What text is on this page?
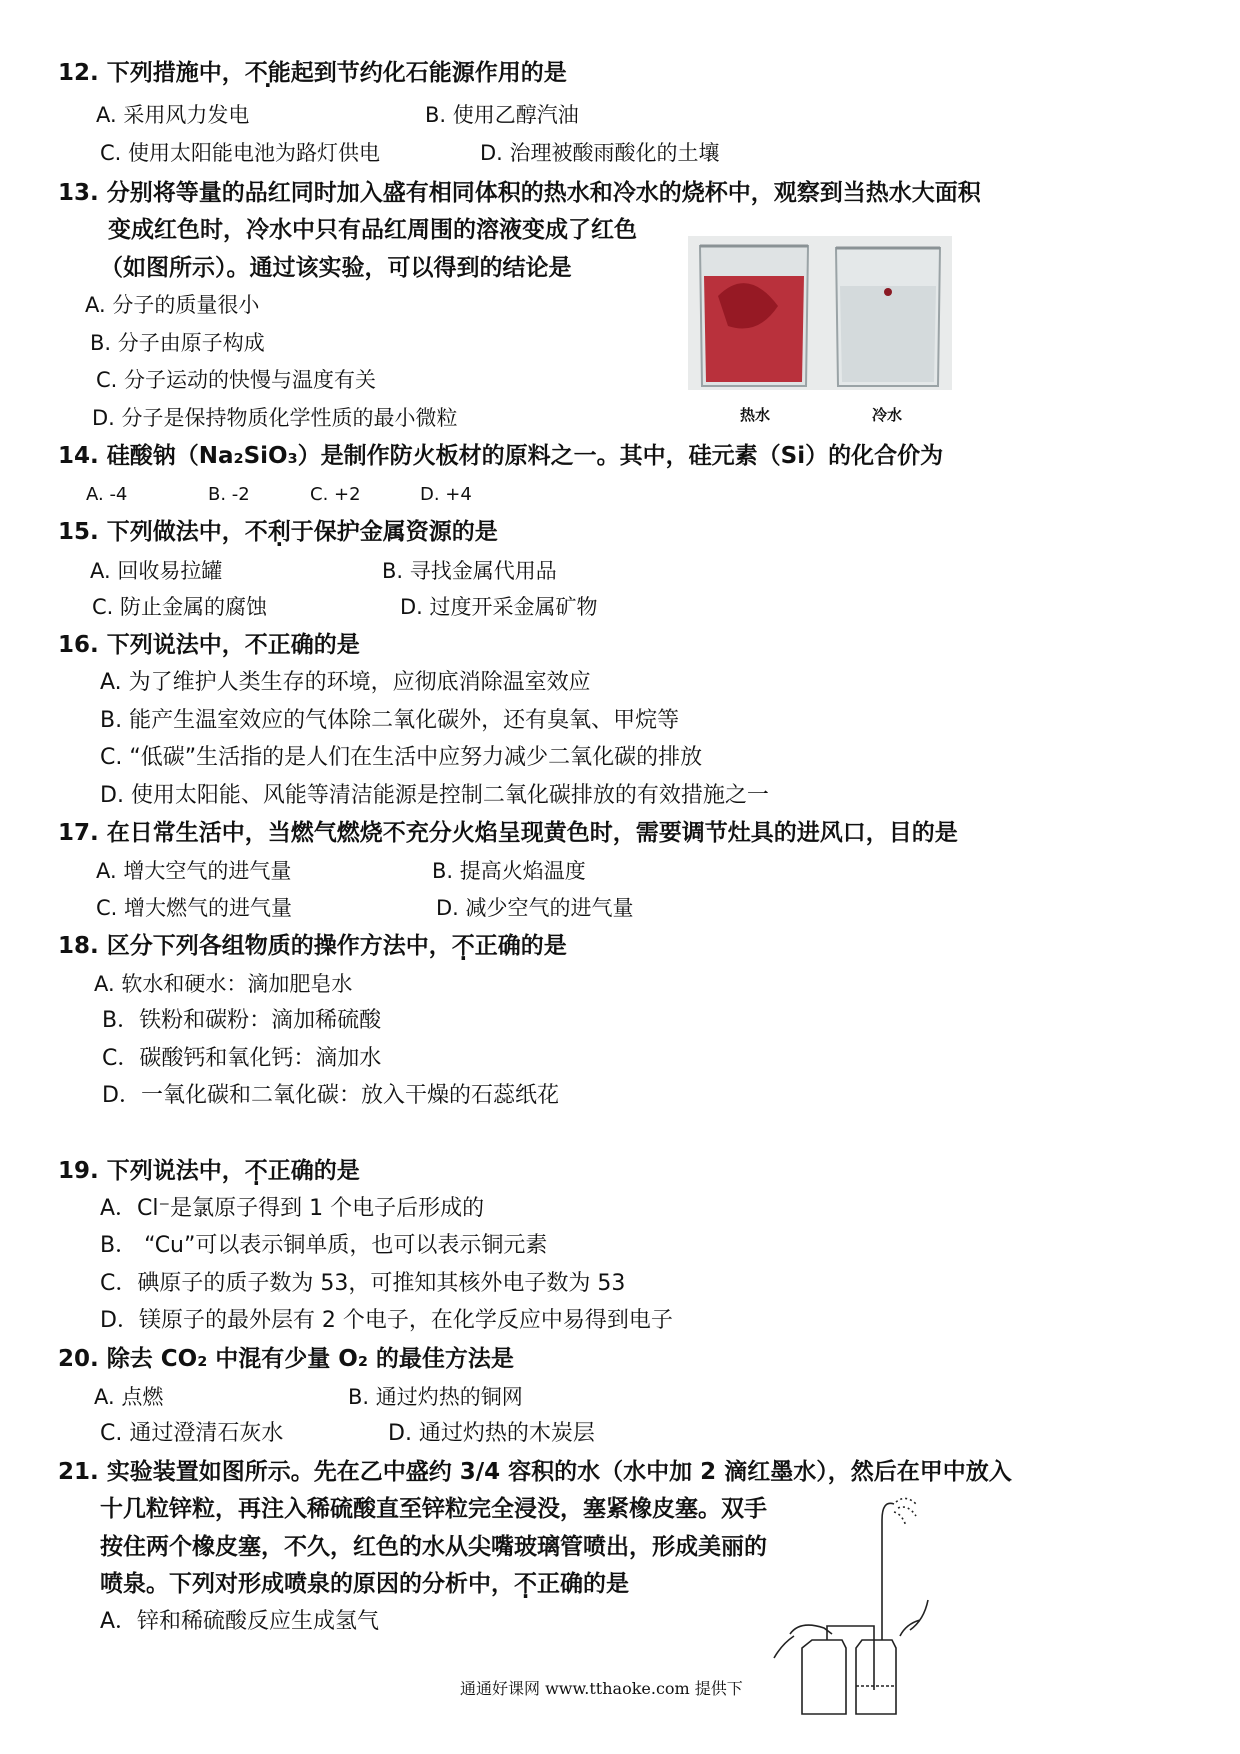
12. 下列措施中，不能起到节约化石能源作用的是
A. 采用风力发电	B. 使用乙醇汽油
C. 使用太阳能电池为路灯供电	D. 治理被酸雨酸化的土壤
13. 分别将等量的品红同时加入盛有相同体积的热水和冷水的烧杯中，观察到当热水大面积
变成红色时，冷水中只有品红周围的溶液变成了红色
（如图所示）。通过该实验，可以得到的结论是
A. 分子的质量很小
B. 分子由原子构成
C. 分子运动的快慢与温度有关
D. 分子是保持物质化学性质的最小微粒	热水	冷水
14. 硅酸钠（Na₂SiO₃）是制作防火板材的原料之一。其中，硅元素（Si）的化合价为
A. -4	B. -2	C. +2	D. +4
15. 下列做法中，不利于保护金属资源的是
A. 回收易拉罐	B. 寻找金属代用品
C. 防止金属的腐蚀	D. 过度开采金属矿物
16. 下列说法中，不正确的是
A. 为了维护人类生存的环境，应彻底消除温室效应
B. 能产生温室效应的气体除二氧化碳外，还有臭氧、甲烷等
C. “低碳”生活指的是人们在生活中应努力减少二氧化碳的排放
D. 使用太阳能、风能等清洁能源是控制二氧化碳排放的有效措施之一
17. 在日常生活中，当燃气燃烧不充分火焰呈现黄色时，需要调节灶具的进风口，目的是
A. 增大空气的进气量	B. 提高火焰温度
C. 增大燃气的进气量	D. 减少空气的进气量
18. 区分下列各组物质的操作方法中，不正确的是
A. 软水和硬水：滴加肥皂水
B．铁粉和碳粉：滴加稀硫酸
C．碳酸钙和氧化钙：滴加水
D．一氧化碳和二氧化碳：放入干燥的石蕊纸花
19. 下列说法中，不正确的是
A．Cl⁻是氯原子得到 1 个电子后形成的
B． “Cu”可以表示铜单质，也可以表示铜元素
C．碘原子的质子数为 53，可推知其核外电子数为 53
D．镁原子的最外层有 2 个电子，在化学反应中易得到电子
20. 除去 CO₂ 中混有少量 O₂ 的最佳方法是
A. 点燃	B. 通过灼热的铜网
C. 通过澄清石灰水	D. 通过灼热的木炭层
21. 实验装置如图所示。先在乙中盛约 3/4 容积的水（水中加 2 滴红墨水），然后在甲中放入
十几粒锌粒，再注入稀硫酸直至锌粒完全浸没，塞紧橡皮塞。双手
按住两个橡皮塞，不久，红色的水从尖嘴玻璃管喷出，形成美丽的
喷泉。下列对形成喷泉的原因的分析中，不正确的是
A．锌和稀硫酸反应生成氢气
通通好课网 www.tthaoke.com 提供下
